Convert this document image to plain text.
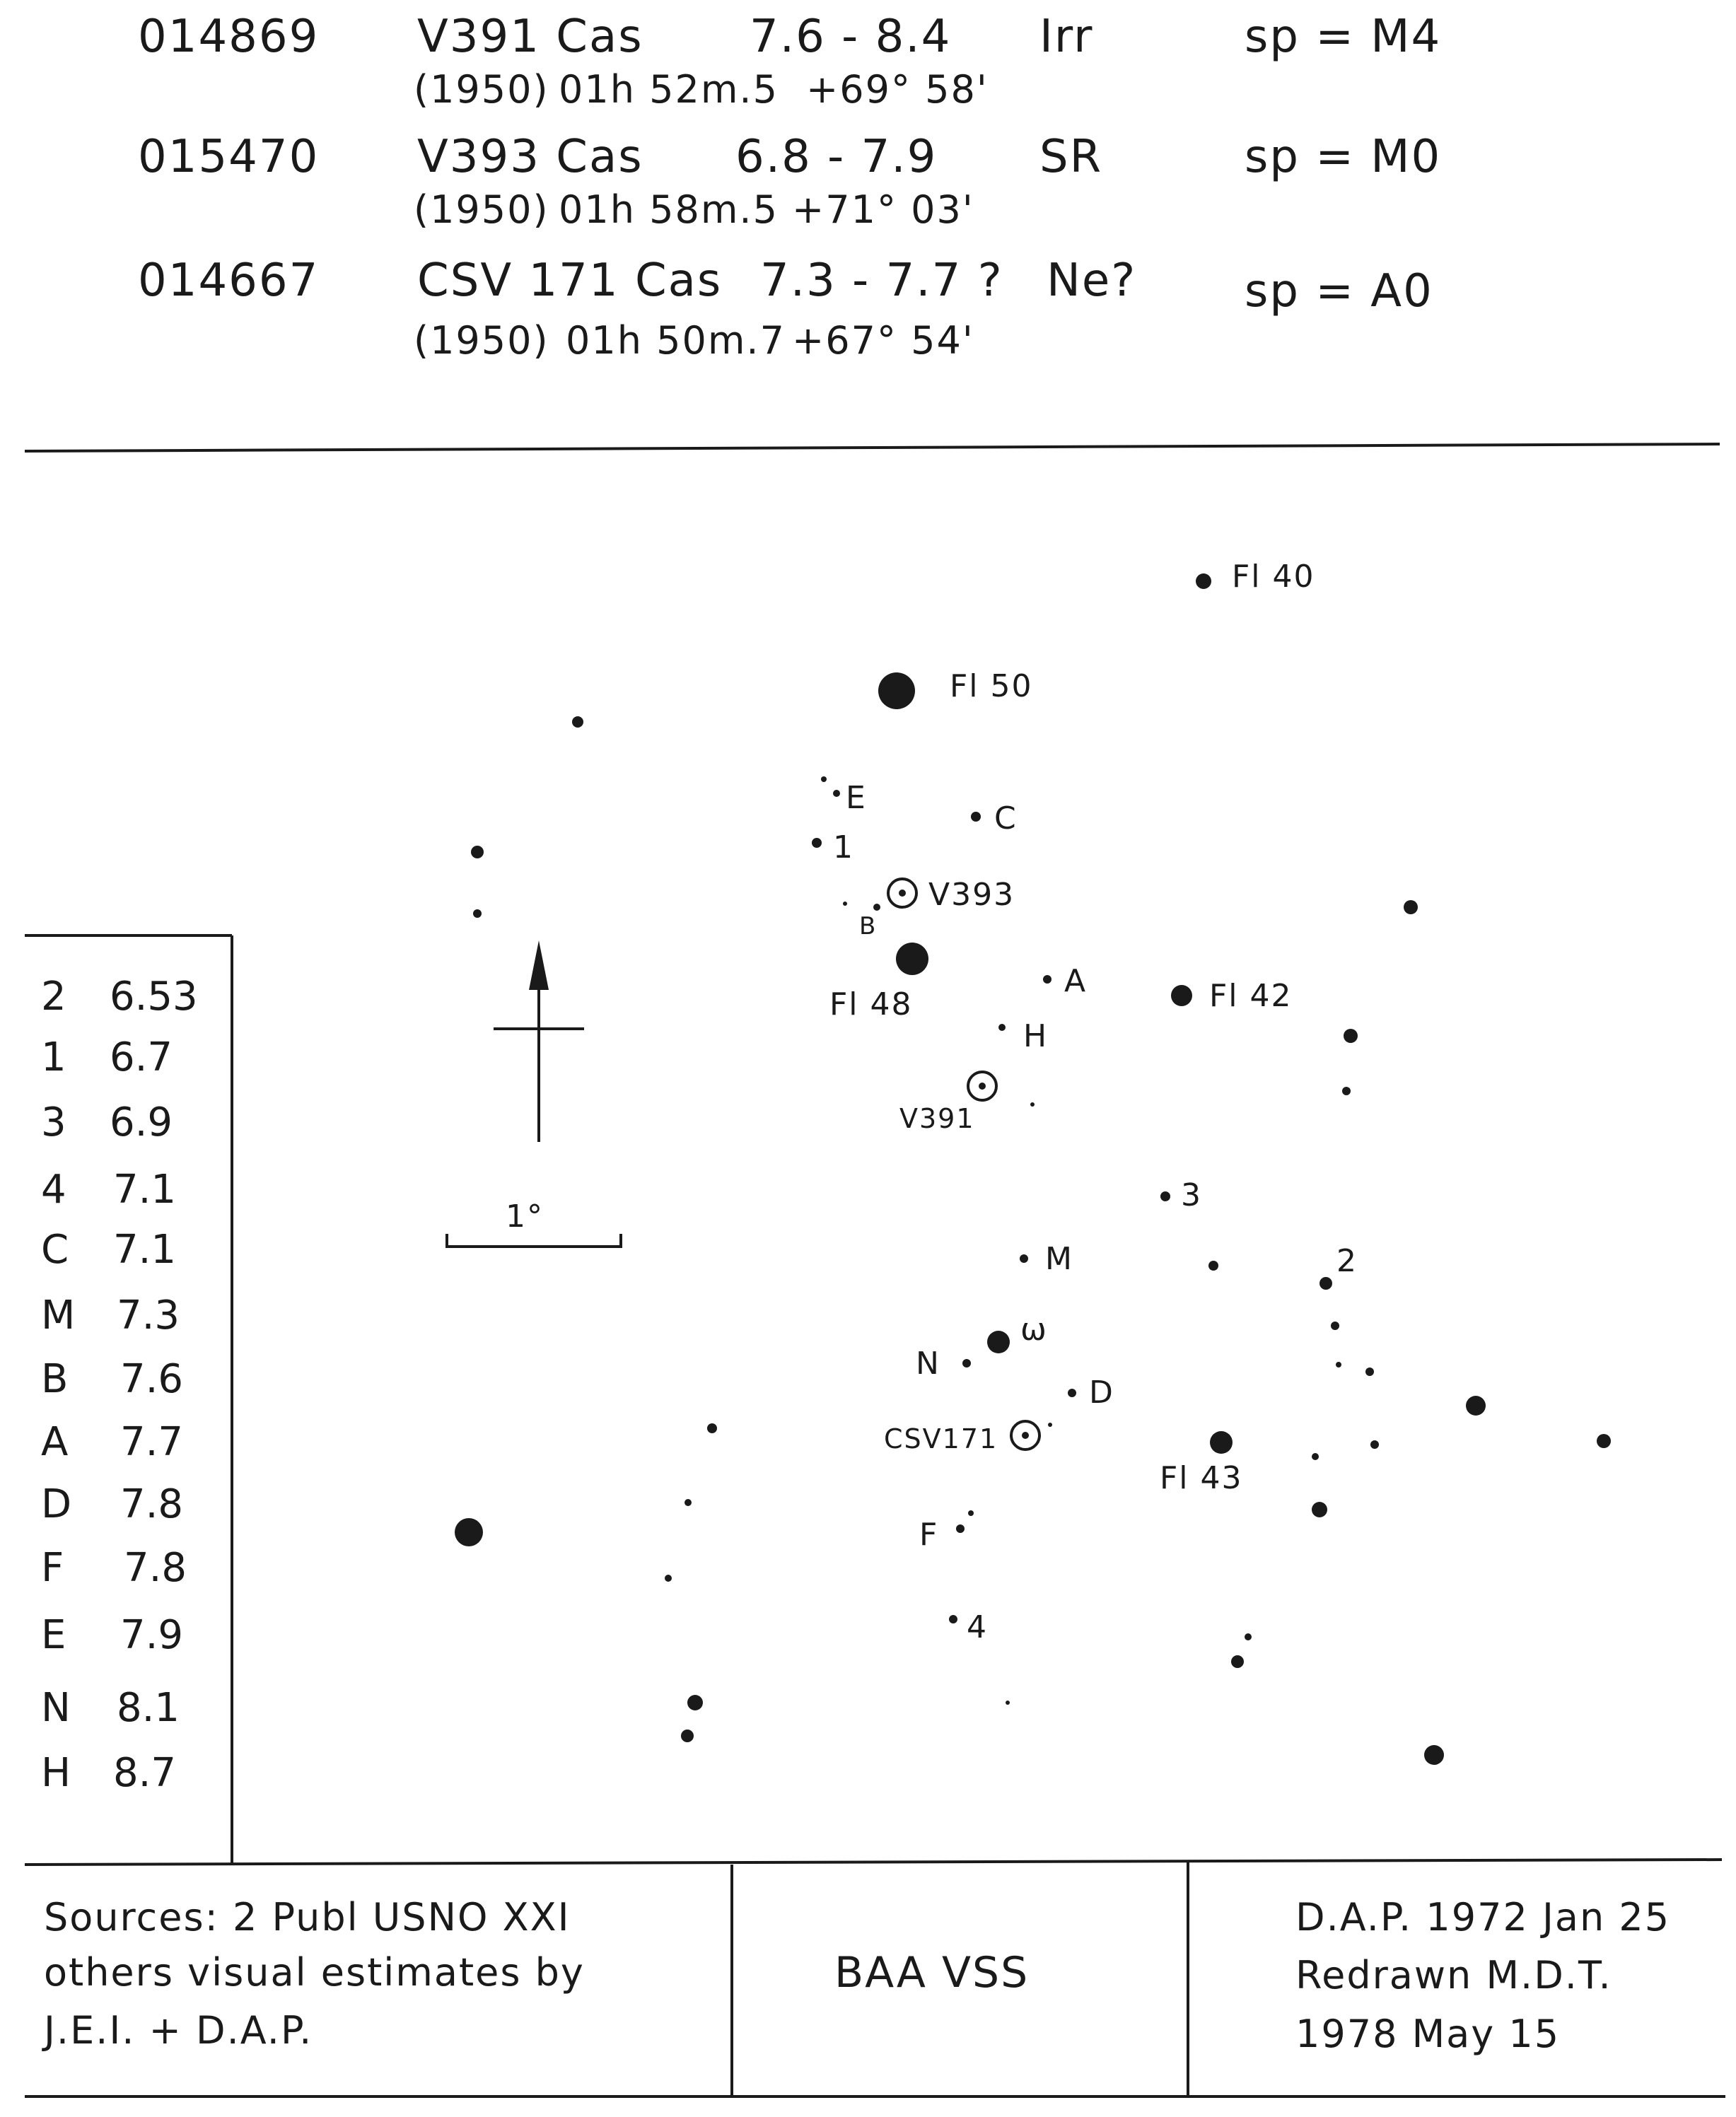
014869 V391 Cas 7.6 - 8.4 Irr	sp = M4
(1950) 01h 52m.5 +69° 58'
015470 V393 Cas 6.8 - 7.9 SR	sp = M0
(1950) 01h 58m.5 +71° 03'
014667 CSV 171 Cas 7.3 - 7.7 ? Ne? sp = A0
(1950) 01h 50m.7 +67° 54'
Fl 40
Fl 50
E
C
1
V393
B
Fl 48
A	Fl 42
H
V391
1°
3
M	2
ω
N
D
CSV171
Fl 43
F
4
2 6.53
1 6.7
3 6.9
4 7.1
C 7.1
M 7.3
B 7.6
A 7.7
D 7.8
F 7.8
E 7.9
N 8.1
H 8.7
Sources: 2 Publ USNO XXI
others visual estimates by
J.E.I. + D.A.P.
BAA VSS
D.A.P. 1972 Jan 25
Redrawn M.D.T.
1978 May 15
